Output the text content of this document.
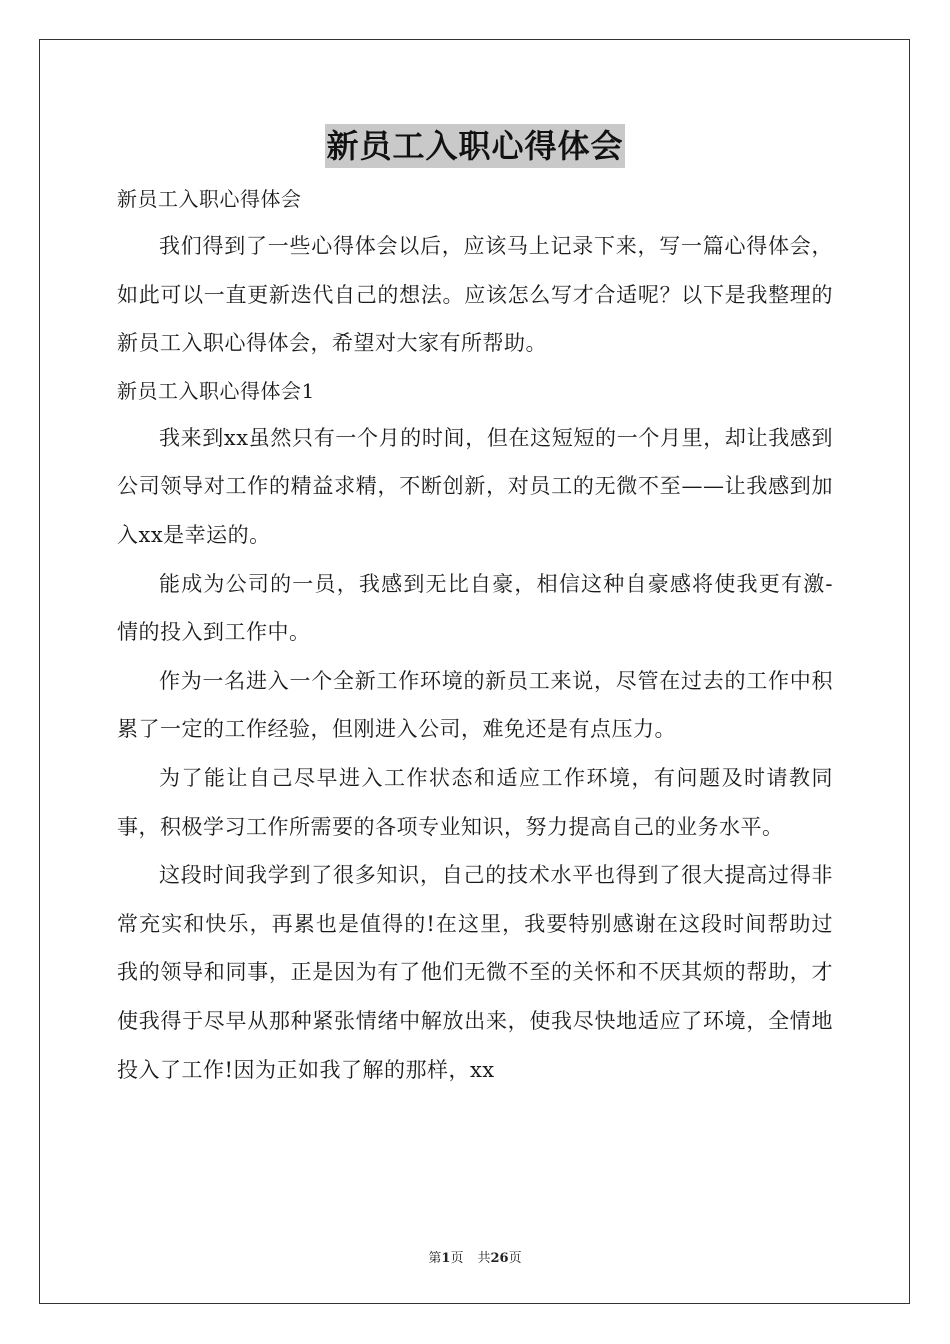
新员工入职心得体会

新员工入职心得体会

我们得到了一些心得体会以后，应该马上记录下来，写一篇心得体会，如此可以一直更新迭代自己的想法。应该怎么写才合适呢？以下是我整理的新员工入职心得体会，希望对大家有所帮助。

新员工入职心得体会1

我来到xx虽然只有一个月的时间，但在这短短的一个月里，却让我感到公司领导对工作的精益求精，不断创新，对员工的无微不至——让我感到加入xx是幸运的。

能成为公司的一员，我感到无比自豪，相信这种自豪感将使我更有激-情的投入到工作中。

作为一名进入一个全新工作环境的新员工来说，尽管在过去的工作中积累了一定的工作经验，但刚进入公司，难免还是有点压力。

为了能让自己尽早进入工作状态和适应工作环境，有问题及时请教同事，积极学习工作所需要的各项专业知识，努力提高自己的业务水平。

这段时间我学到了很多知识，自己的技术水平也得到了很大提高过得非常充实和快乐，再累也是值得的!在这里，我要特别感谢在这段时间帮助过我的领导和同事，正是因为有了他们无微不至的关怀和不厌其烦的帮助，才使我得于尽早从那种紧张情绪中解放出来，使我尽快地适应了环境，全情地投入了工作!因为正如我了解的那样，xx

第1页 共26页
